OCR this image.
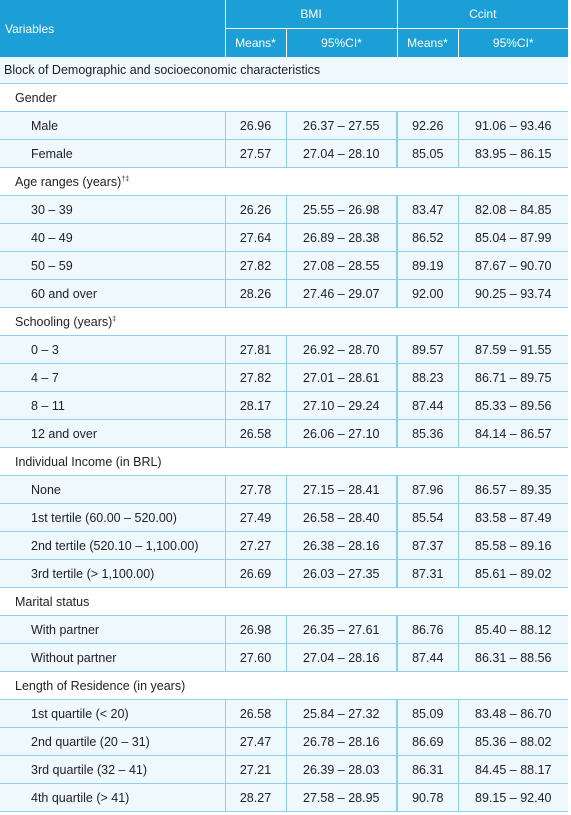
Variables	BMI		Ccint	
	Means*	95%CI*	Means*	95%CI*
Block of Demographic and socioeconomic characteristics				
Gender				
Male	26.96	26.37 – 27.55	92.26	91.06 – 93.46
Female	27.57	27.04 – 28.10	85.05	83.95 – 86.15
Age ranges (years)†‡
30 – 39	26.26	25.55 – 26.98	83.47	82.08 – 84.85
40 – 49	27.64	26.89 – 28.38	86.52	85.04 – 87.99
50 – 59	27.82	27.08 – 28.55	89.19	87.67 – 90.70
60 and over	28.26	27.46 – 29.07	92.00	90.25 – 93.74
Schooling (years)‡
0 – 3	27.81	26.92 – 28.70	89.57	87.59 – 91.55
4 – 7	27.82	27.01 – 28.61	88.23	86.71 – 89.75
8 – 11	28.17	27.10 – 29.24	87.44	85.33 – 89.56
12 and over	26.58	26.06 – 27.10	85.36	84.14 – 86.57
Individual Income (in BRL)				
None	27.78	27.15 – 28.41	87.96	86.57 – 89.35
1st tertile (60.00 – 520.00)	27.49	26.58 – 28.40	85.54	83.58 – 87.49
2nd tertile (520.10 – 1,100.00)	27.27	26.38 – 28.16	87.37	85.58 – 89.16
3rd tertile (> 1,100.00)	26.69	26.03 – 27.35	87.31	85.61 – 89.02
Marital status				
With partner	26.98	26.35 – 27.61	86.76	85.40 – 88.12
Without partner	27.60	27.04 – 28.16	87.44	86.31 – 88.56
Length of Residence (in years)				
1st quartile (< 20)	26.58	25.84 – 27.32	85.09	83.48 – 86.70
2nd quartile (20 – 31)	27.47	26.78 – 28.16	86.69	85.36 – 88.02
3rd quartile (32 – 41)	27.21	26.39 – 28.03	86.31	84.45 – 88.17
4th quartile (> 41)	28.27	27.58 – 28.95	90.78	89.15 – 92.40
